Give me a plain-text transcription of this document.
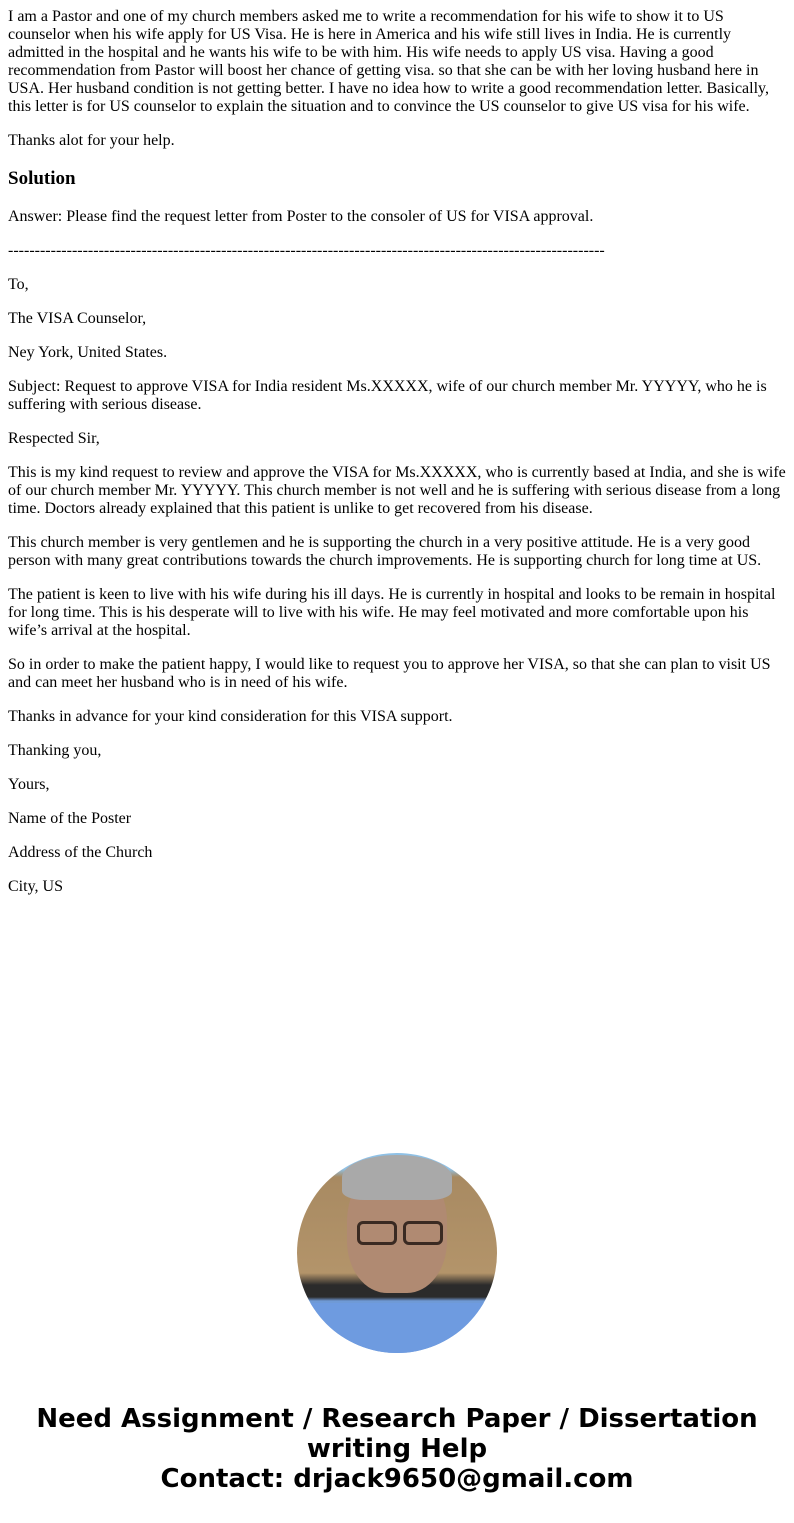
I am a Pastor and one of my church members asked me to write a recommendation for his wife to show it to US counselor when his wife apply for US Visa. He is here in America and his wife still lives in India. He is currently admitted in the hospital and he wants his wife to be with him. His wife needs to apply US visa. Having a good recommendation from Pastor will boost her chance of getting visa. so that she can be with her loving husband here in USA. Her husband condition is not getting better. I have no idea how to write a good recommendation letter. Basically, this letter is for US counselor to explain the situation and to convince the US counselor to give US visa for his wife.

Thanks alot for your help.

Solution

Answer: Please find the request letter from Poster to the consoler of US for VISA approval.

----------------------------------------------------------------------------------------------------------------

To,

The VISA Counselor,

Ney York, United States.

Subject: Request to approve VISA for India resident Ms.XXXXX, wife of our church member Mr. YYYYY, who he is suffering with serious disease.

Respected Sir,

This is my kind request to review and approve the VISA for Ms.XXXXX, who is currently based at India, and she is wife of our church member Mr. YYYYY. This church member is not well and he is suffering with serious disease from a long time. Doctors already explained that this patient is unlike to get recovered from his disease.

This church member is very gentlemen and he is supporting the church in a very positive attitude. He is a very good person with many great contributions towards the church improvements. He is supporting church for long time at US.

The patient is keen to live with his wife during his ill days. He is currently in hospital and looks to be remain in hospital for long time. This is his desperate will to live with his wife. He may feel motivated and more comfortable upon his wife’s arrival at the hospital.

So in order to make the patient happy, I would like to request you to approve her VISA, so that she can plan to visit US and can meet her husband who is in need of his wife.

Thanks in advance for your kind consideration for this VISA support.

Thanking you,

Yours,

Name of the Poster

Address of the Church

City, US

Need Assignment / Research Paper / Dissertation
writing Help
Contact: drjack9650@gmail.com
